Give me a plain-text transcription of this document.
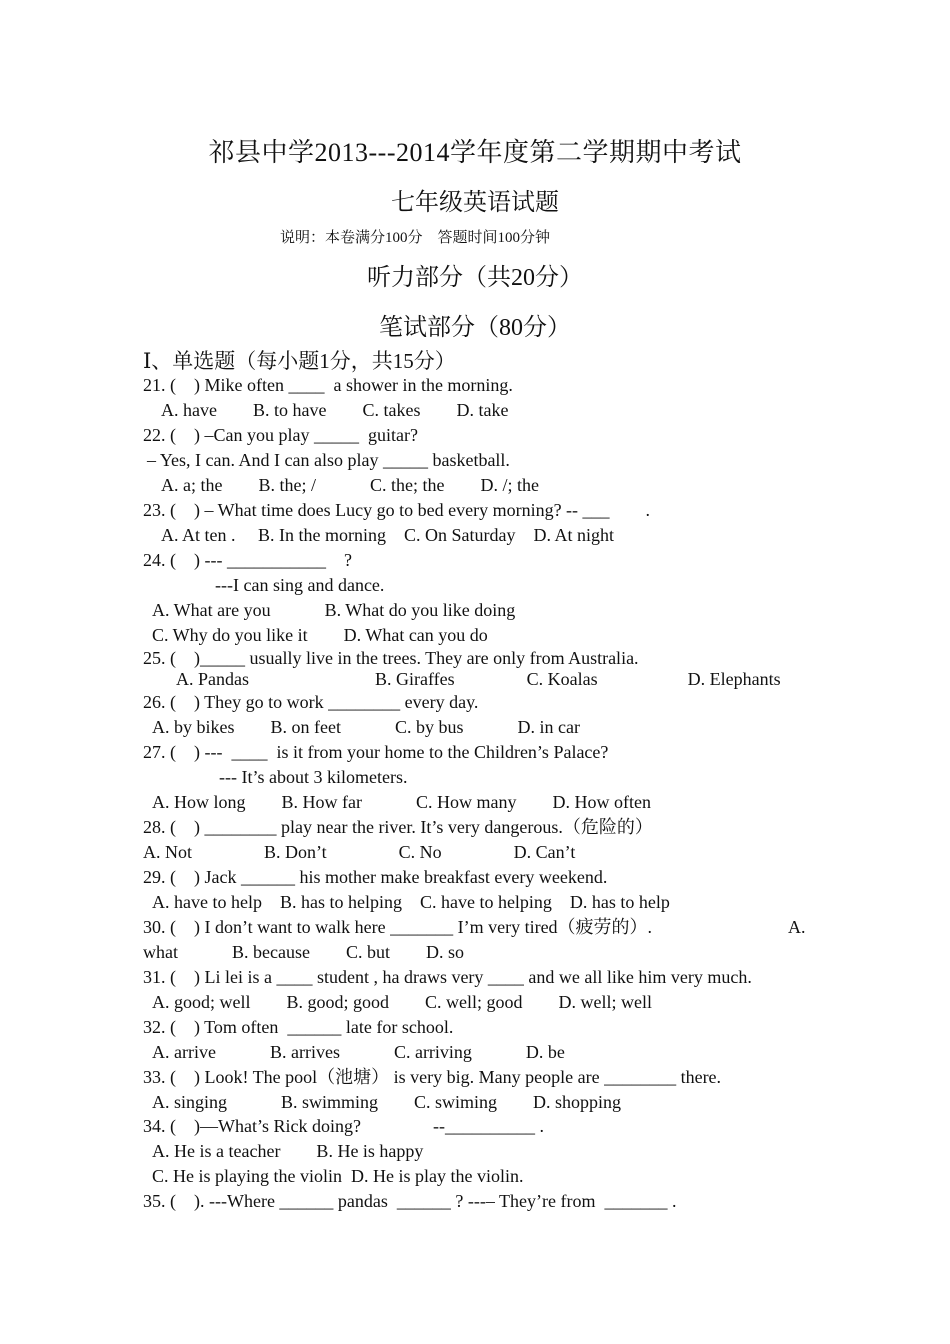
祁县中学2013---2014学年度第二学期期中考试
七年级英语试题
说明：本卷满分100分　答题时间100分钟
听力部分（共20分）
笔试部分（80分）
Ⅰ、单选题（每小题1分，共15分）
21. (　) Mike often ____  a shower in the morning.
A. have　　B. to have　　C. takes　　D. take
22. (　) –Can you play _____  guitar?
– Yes, I can. And I can also play _____ basketball.
A. a; the　　B. the; /　　　C. the; the　　D. /; the
23. (　) – What time does Lucy go to bed every morning? -- ___　　.
A. At ten .　 B. In the morning　C. On Saturday　D. At night
24. (　) --- ___________　?
---I can sing and dance.
A. What are you　　　B. What do you like doing
C. Why do you like it　　D. What can you do
25. (　)_____ usually live in the trees. They are only from Australia.
A. Pandas　　　　　　　B. Giraffes　　　　C. Koalas　　　　　D. Elephants
26. (　) They go to work ________ every day.
A. by bikes　　B. on feet　　　C. by bus　　　D. in car
27. (　) ---  ____  is it from your home to the Children’s Palace?
--- It’s about 3 kilometers.
A. How long　　B. How far　　　C. How many　　D. How often
28. (　) ________ play near the river. It’s very dangerous.（危险的）
A. Not　　　　B. Don’t　　　　C. No　　　　D. Can’t
29. (　) Jack ______ his mother make breakfast every weekend.
A. have to help　B. has to helping　C. have to helping　D. has to help
30. (　) I don’t want to walk here _______ I’m very tired（疲劳的）.	A.
what　　　B. because　　C. but　　D. so
31. (　) Li lei is a ____ student , ha draws very ____ and we all like him very much.
A. good; well　　B. good; good　　C. well; good　　D. well; well
32. (　) Tom often  ______ late for school.
A. arrive　　　B. arrives　　　C. arriving　　　D. be
33. (　) Look! The pool（池塘） is very big. Many people are ________ there.
A. singing　　　B. swimming　　C. swiming　　D. shopping
34. (　)—What’s Rick doing?　　　　--__________ .
A. He is a teacher　　B. He is happy
C. He is playing the violin  D. He is play the violin.
35. (　). ---Where ______ pandas  ______ ? ---– They’re from  _______ .
